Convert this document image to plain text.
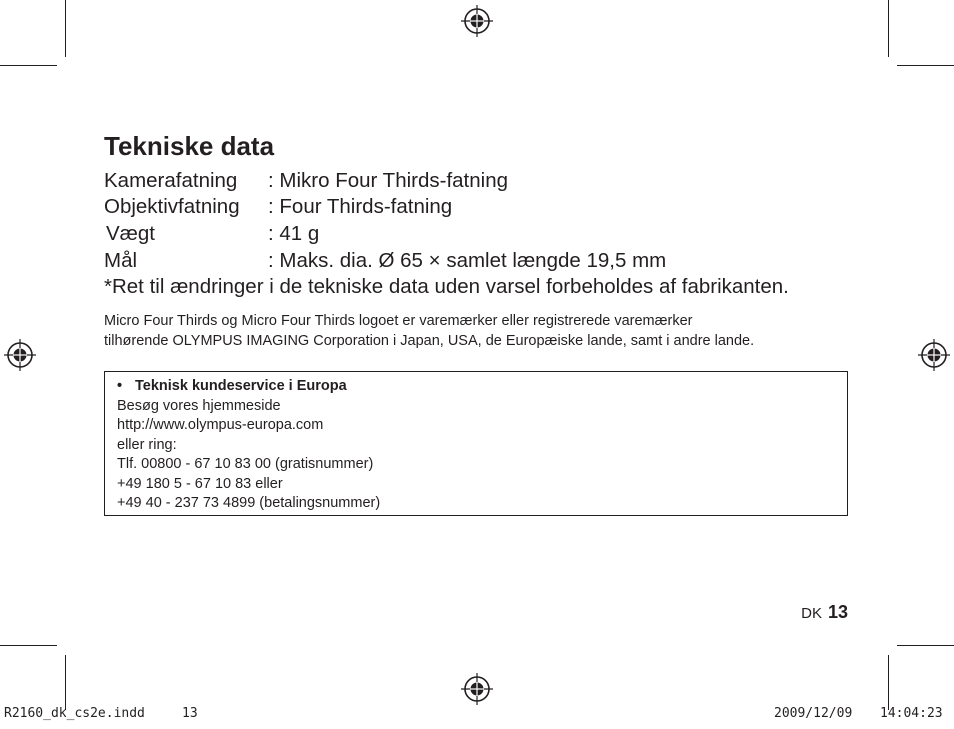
Tekniske data
Kamerafatning : Mikro Four Thirds-fatning
Objektivfatning : Four Thirds-fatning
Vægt	: 41 g
Mål	: Maks. dia. Ø 65 × samlet længde 19,5 mm
*Ret til ændringer i de tekniske data uden varsel forbeholdes af fabrikanten.
Micro Four Thirds og Micro Four Thirds logoet er varemærker eller registrerede varemærker
tilhørende OLYMPUS IMAGING Corporation i Japan, USA, de Europæiske lande, samt i andre lande.
• Teknisk kundeservice i Europa
Besøg vores hjemmeside
http://www.olympus-europa.com
eller ring:
Tlf. 00800 - 67 10 83 00 (gratisnummer)
+49 180 5 - 67 10 83 eller
+49 40 - 237 73 4899 (betalingsnummer)
DK 13
R2160_dk_cs2e.indd	13	2009/12/09 14:04:23
